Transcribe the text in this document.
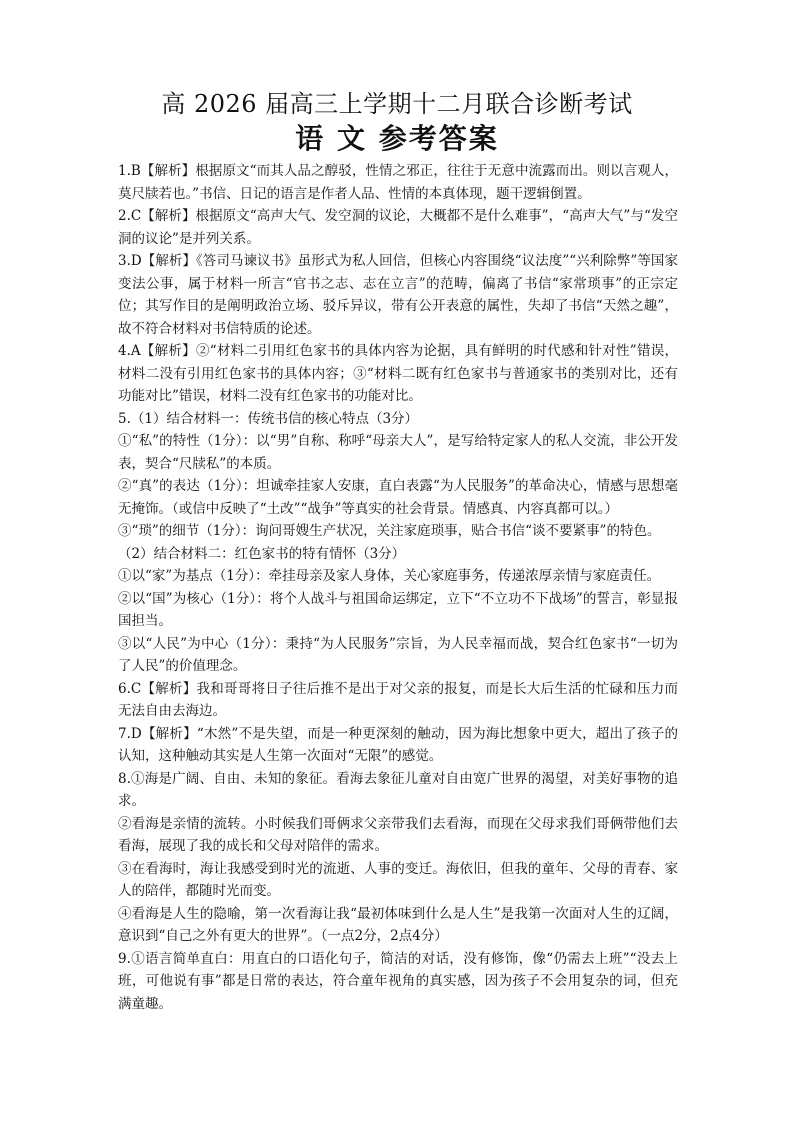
高 2026 届高三上学期十二月联合诊断考试
语 文 参考答案

1.B【解析】根据原文“而其人品之醇驳，性情之邪正，往往于无意中流露而出。则以言观人，莫尺牍若也。”书信、日记的语言是作者人品、性情的本真体现，题干逻辑倒置。

2.C【解析】根据原文“高声大气、发空洞的议论，大概都不是什么难事”，“高声大气”与“发空洞的议论”是并列关系。

3.D【解析】《答司马谏议书》虽形式为私人回信，但核心内容围绕“议法度”“兴利除弊”等国家变法公事，属于材料一所言“官书之志、志在立言”的范畴，偏离了书信“家常琐事”的正宗定位；其写作目的是阐明政治立场、驳斥异议，带有公开表意的属性，失却了书信“天然之趣”，故不符合材料对书信特质的论述。

4.A【解析】②“材料二引用红色家书的具体内容为论据，具有鲜明的时代感和针对性”错误，材料二没有引用红色家书的具体内容；③“材料二既有红色家书与普通家书的类别对比，还有功能对比”错误，材料二没有红色家书的功能对比。

5.（1）结合材料一：传统书信的核心特点（3分）

①“私”的特性（1分）：以“男”自称、称呼“母亲大人”，是写给特定家人的私人交流，非公开发表，契合“尺牍私”的本质。

②“真”的表达（1分）：坦诚牵挂家人安康，直白表露“为人民服务”的革命决心，情感与思想毫无掩饰。（或信中反映了“土改”“战争”等真实的社会背景。情感真、内容真都可以。）

③“琐”的细节（1分）：询问哥嫂生产状况，关注家庭琐事，贴合书信“谈不要紧事”的特色。

（2）结合材料二：红色家书的特有情怀（3分）

①以“家”为基点（1分）：牵挂母亲及家人身体，关心家庭事务，传递浓厚亲情与家庭责任。

②以“国”为核心（1分）：将个人战斗与祖国命运绑定，立下“不立功不下战场”的誓言，彰显报国担当。

③以“人民”为中心（1分）：秉持“为人民服务”宗旨，为人民幸福而战，契合红色家书“一切为了人民”的价值理念。

6.C【解析】我和哥哥将日子往后推不是出于对父亲的报复，而是长大后生活的忙碌和压力而无法自由去海边。

7.D【解析】“木然”不是失望，而是一种更深刻的触动，因为海比想象中更大，超出了孩子的认知，这种触动其实是人生第一次面对“无限”的感觉。

8.①海是广阔、自由、未知的象征。看海去象征儿童对自由宽广世界的渴望，对美好事物的追求。

②看海是亲情的流转。小时候我们哥俩求父亲带我们去看海，而现在父母求我们哥俩带他们去看海，展现了我的成长和父母对陪伴的需求。

③在看海时，海让我感受到时光的流逝、人事的变迁。海依旧，但我的童年、父母的青春、家人的陪伴，都随时光而变。

④看海是人生的隐喻，第一次看海让我“最初体味到什么是人生”是我第一次面对人生的辽阔，意识到“自己之外有更大的世界”。（一点2分，2点4分）

9.①语言简单直白：用直白的口语化句子，简洁的对话，没有修饰，像“仍需去上班”“没去上班，可他说有事”都是日常的表达，符合童年视角的真实感，因为孩子不会用复杂的词，但充满童趣。
